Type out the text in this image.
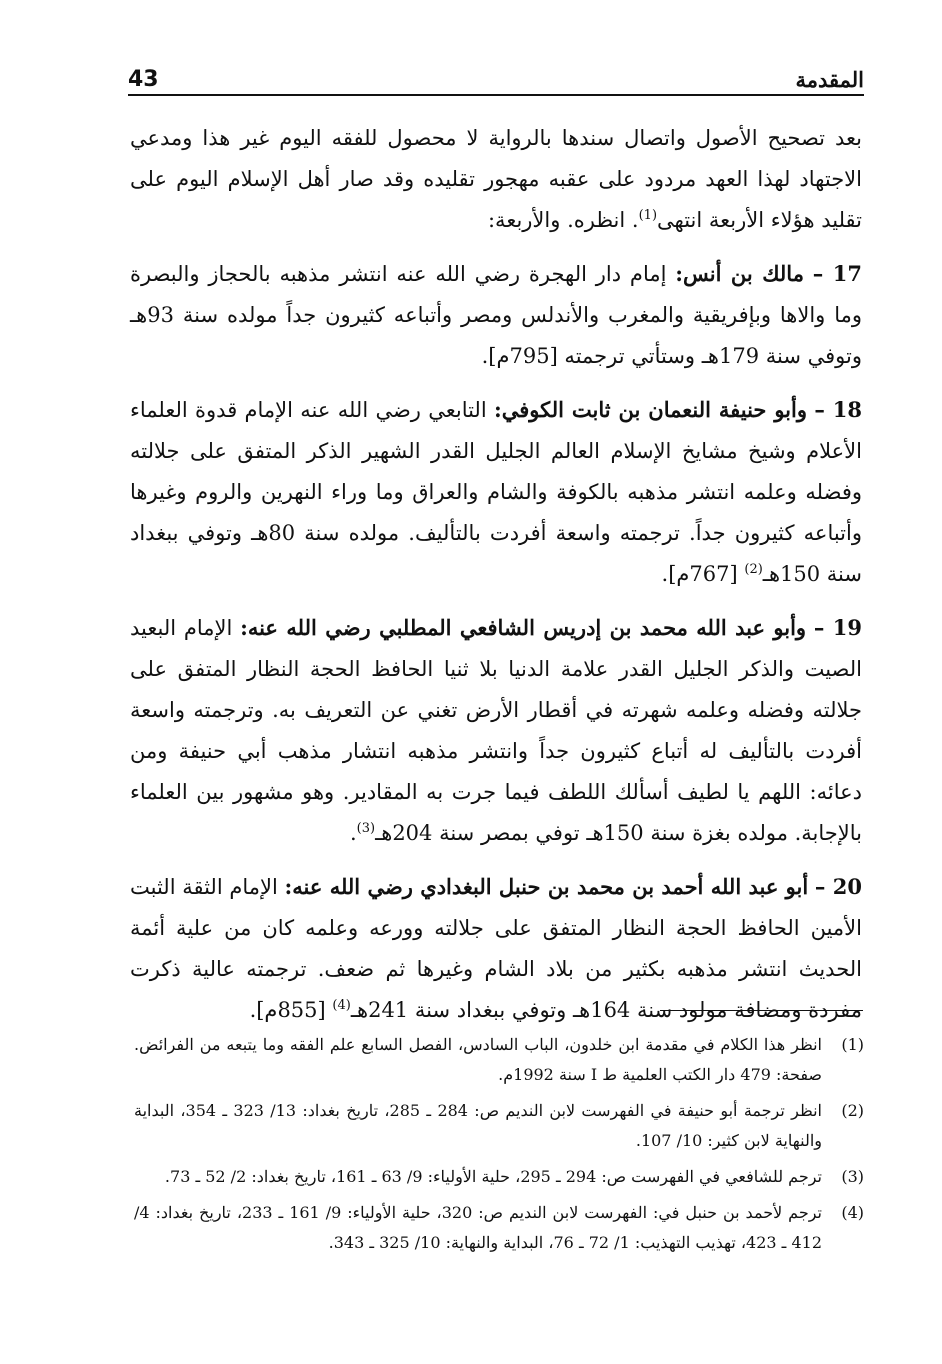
43	المقدمة

بعد تصحيح الأصول واتصال سندها بالرواية لا محصول للفقه اليوم غير هذا ومدعي الاجتهاد لهذا العهد مردود على عقبه مهجور تقليده وقد صار أهل الإسلام اليوم على تقليد هؤلاء الأربعة انتهى$^{(1)}$. انظره. والأربعة:

17 – مالك بن أنس: إمام دار الهجرة رضي الله عنه انتشر مذهبه بالحجاز والبصرة وما والاها وبإفريقية والمغرب والأندلس ومصر وأتباعه كثيرون جداً مولده سنة 93هـ وتوفي سنة 179هـ وستأتي ترجمته [795م].

18 – وأبو حنيفة النعمان بن ثابت الكوفي: التابعي رضي الله عنه الإمام قدوة العلماء الأعلام وشيخ مشايخ الإسلام العالم الجليل القدر الشهير الذكر المتفق على جلالته وفضله وعلمه انتشر مذهبه بالكوفة والشام والعراق وما وراء النهرين والروم وغيرها وأتباعه كثيرون جداً. ترجمته واسعة أفردت بالتأليف. مولده سنة 80هـ وتوفي ببغداد سنة 150هـ$^{(2)}$ [767م].

19 – وأبو عبد الله محمد بن إدريس الشافعي المطلبي رضي الله عنه: الإمام البعيد الصيت والذكر الجليل القدر علامة الدنيا بلا ثنيا الحافظ الحجة النظار المتفق على جلالته وفضله وعلمه شهرته في أقطار الأرض تغني عن التعريف به. وترجمته واسعة أفردت بالتأليف له أتباع كثيرون جداً وانتشر مذهبه انتشار مذهب أبي حنيفة ومن دعائه: اللهم يا لطيف أسألك اللطف فيما جرت به المقادير. وهو مشهور بين العلماء بالإجابة. مولده بغزة سنة 150هـ توفي بمصر سنة 204هـ$^{(3)}$.

20 – أبو عبد الله أحمد بن محمد بن حنبل البغدادي رضي الله عنه: الإمام الثقة الثبت الأمين الحافظ الحجة النظار المتفق على جلالته وورعه وعلمه كان من علية أئمة الحديث انتشر مذهبه بكثير من بلاد الشام وغيرها ثم ضعف. ترجمته عالية ذكرت مفردة ومضافة مولود سنة 164هـ وتوفي ببغداد سنة 241هـ$^{(4)}$ [855م].

(1)
انظر هذا الكلام في مقدمة ابن خلدون، الباب السادس، الفصل السابع علم الفقه وما يتبعه من الفرائض. صفحة: 479 دار الكتب العلمية ط I سنة 1992م.
(2)
انظر ترجمة أبو حنيفة في الفهرست لابن النديم ص: 284 ـ 285، تاريخ بغداد: 13/ 323 ـ 354، البداية والنهاية لابن كثير: 10/ 107.
(3)
ترجم للشافعي في الفهرست ص: 294 ـ 295، حلية الأولياء: 9/ 63 ـ 161، تاريخ بغداد: 2/ 52 ـ 73.
(4)
ترجم لأحمد بن حنبل في: الفهرست لابن النديم ص: 320، حلية الأولياء: 9/ 161 ـ 233، تاريخ بغداد: 4/ 412 ـ 423، تهذيب التهذيب: 1/ 72 ـ 76، البداية والنهاية: 10/ 325 ـ 343.
